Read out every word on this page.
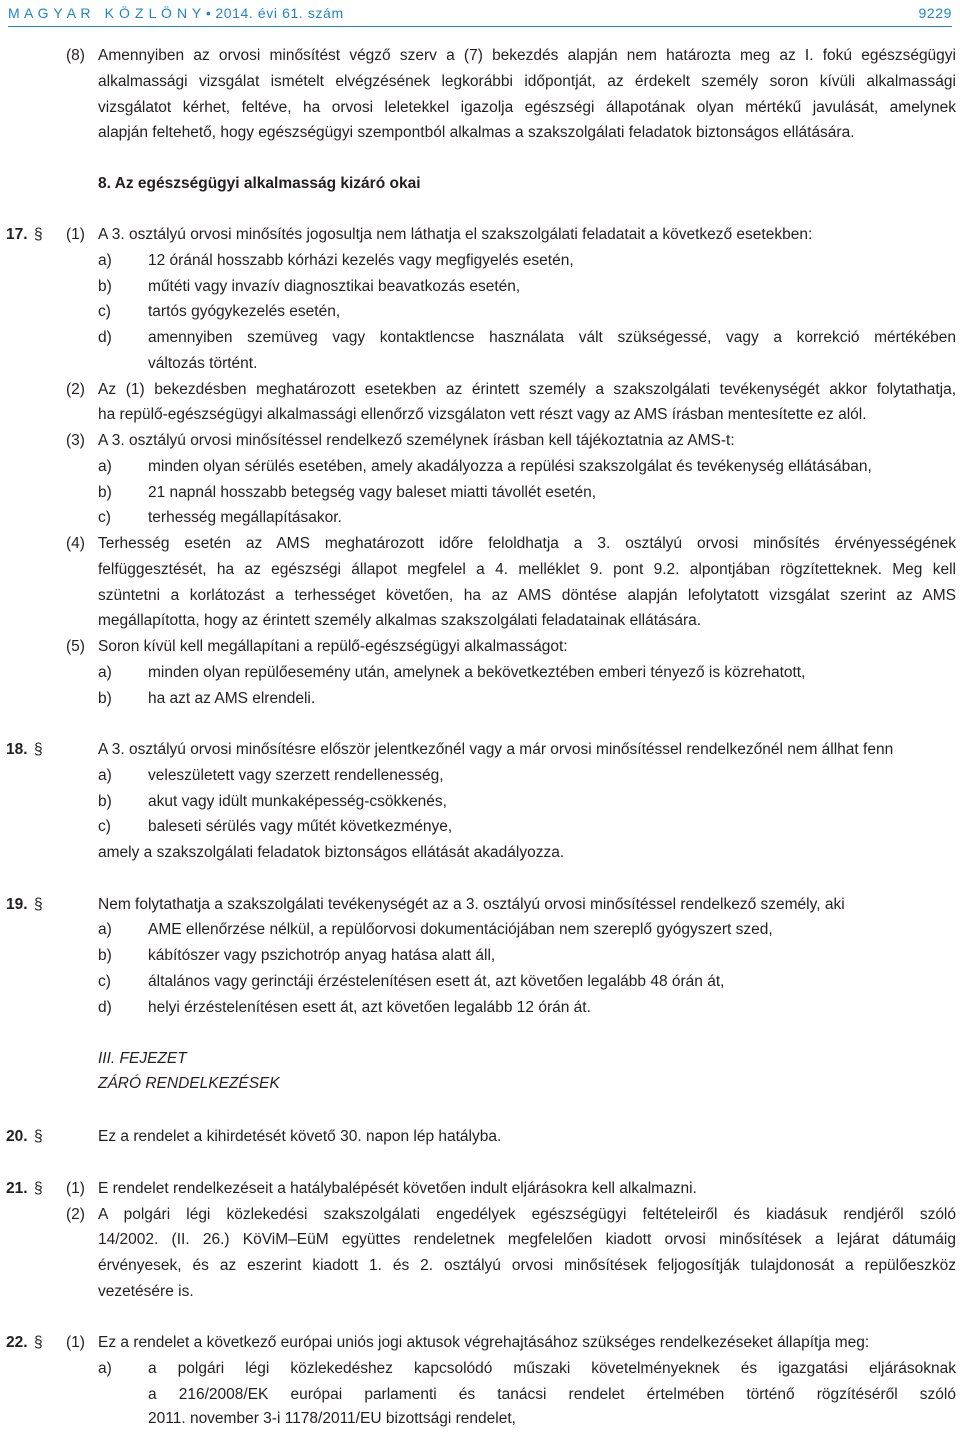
M A G Y A R   K Ö Z L Ö N Y • 2014. évi 61. szám	9229
(8) Amennyiben az orvosi minősítést végző szerv a (7) bekezdés alapján nem határozta meg az I. fokú egészségügyi
alkalmassági vizsgálat ismételt elvégzésének legkorábbi időpontját, az érdekelt személy soron kívüli alkalmassági
vizsgálatot kérhet, feltéve, ha orvosi leletekkel igazolja egészségi állapotának olyan mértékű javulását, amelynek
alapján feltehető, hogy egészségügyi szempontból alkalmas a szakszolgálati feladatok biztonságos ellátására.
8. Az egészségügyi alkalmasság kizáró okai
17. § (1) A 3. osztályú orvosi minősítés jogosultja nem láthatja el szakszolgálati feladatait a következő esetekben:
a) 12 óránál hosszabb kórházi kezelés vagy megfigyelés esetén,
b) műtéti vagy invazív diagnosztikai beavatkozás esetén,
c) tartós gyógykezelés esetén,
d) amennyiben szemüveg vagy kontaktlencse használata vált szükségessé, vagy a korrekció mértékében
változás történt.
(2) Az (1) bekezdésben meghatározott esetekben az érintett személy a szakszolgálati tevékenységét akkor folytathatja,
ha repülő-egészségügyi alkalmassági ellenőrző vizsgálaton vett részt vagy az AMS írásban mentesítette ez alól.
(3) A 3. osztályú orvosi minősítéssel rendelkező személynek írásban kell tájékoztatnia az AMS-t:
a) minden olyan sérülés esetében, amely akadályozza a repülési szakszolgálat és tevékenység ellátásában,
b) 21 napnál hosszabb betegség vagy baleset miatti távollét esetén,
c) terhesség megállapításakor.
(4) Terhesség esetén az AMS meghatározott időre feloldhatja a 3. osztályú orvosi minősítés érvényességének
felfüggesztését, ha az egészségi állapot megfelel a 4. melléklet 9. pont 9.2. alpontjában rögzítetteknek. Meg kell
szüntetni a korlátozást a terhességet követően, ha az AMS döntése alapján lefolytatott vizsgálat szerint az AMS
megállapította, hogy az érintett személy alkalmas szakszolgálati feladatainak ellátására.
(5) Soron kívül kell megállapítani a repülő-egészségügyi alkalmasságot:
a) minden olyan repülőesemény után, amelynek a bekövetkeztében emberi tényező is közrehatott,
b) ha azt az AMS elrendeli.
18. §	A 3. osztályú orvosi minősítésre először jelentkezőnél vagy a már orvosi minősítéssel rendelkezőnél nem állhat fenn
a) veleszületett vagy szerzett rendellenesség,
b) akut vagy idült munkaképesség-csökkenés,
c) baleseti sérülés vagy műtét következménye,
amely a szakszolgálati feladatok biztonságos ellátását akadályozza.
19. §	Nem folytathatja a szakszolgálati tevékenységét az a 3. osztályú orvosi minősítéssel rendelkező személy, aki
a) AME ellenőrzése nélkül, a repülőorvosi dokumentációjában nem szereplő gyógyszert szed,
b) kábítószer vagy pszichotróp anyag hatása alatt áll,
c) általános vagy gerinctáji érzéstelenítésen esett át, azt követően legalább 48 órán át,
d) helyi érzéstelenítésen esett át, azt követően legalább 12 órán át.
III. FEJEZET
ZÁRÓ RENDELKEZÉSEK
20. §	Ez a rendelet a kihirdetését követő 30. napon lép hatályba.
21. § (1) E rendelet rendelkezéseit a hatálybalépését követően indult eljárásokra kell alkalmazni.
(2) A polgári légi közlekedési szakszolgálati engedélyek egészségügyi feltételeiről és kiadásuk rendjéről szóló
14/2002. (II. 26.) KöViM–EüM együttes rendeletnek megfelelően kiadott orvosi minősítések a lejárat dátumáig
érvényesek, és az eszerint kiadott 1. és 2. osztályú orvosi minősítések feljogosítják tulajdonosát a repülőeszköz
vezetésére is.
22. § (1) Ez a rendelet a következő európai uniós jogi aktusok végrehajtásához szükséges rendelkezéseket állapítja meg:
a) a polgári légi közlekedéshez kapcsolódó műszaki követelményeknek és igazgatási eljárásoknak
a 216/2008/EK európai parlamenti és tanácsi rendelet értelmében történő rögzítéséről szóló
2011. november 3-i 1178/2011/EU bizottsági rendelet,
